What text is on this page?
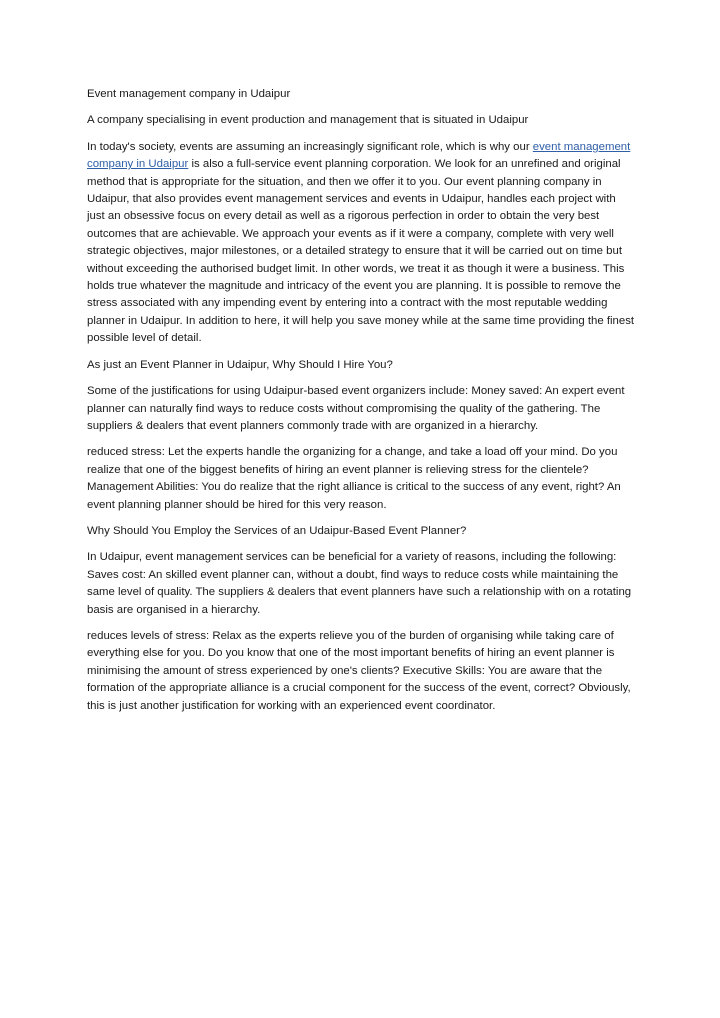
Event management company in Udaipur

A company specialising in event production and management that is situated in Udaipur

In today's society, events are assuming an increasingly significant role, which is why our event management company in Udaipur is also a full-service event planning corporation. We look for an unrefined and original method that is appropriate for the situation, and then we offer it to you. Our event planning company in Udaipur, that also provides event management services and events in Udaipur, handles each project with just an obsessive focus on every detail as well as a rigorous perfection in order to obtain the very best outcomes that are achievable. We approach your events as if it were a company, complete with very well strategic objectives, major milestones, or a detailed strategy to ensure that it will be carried out on time but without exceeding the authorised budget limit. In other words, we treat it as though it were a business. This holds true whatever the magnitude and intricacy of the event you are planning. It is possible to remove the stress associated with any impending event by entering into a contract with the most reputable wedding planner in Udaipur. In addition to here, it will help you save money while at the same time providing the finest possible level of detail.

As just an Event Planner in Udaipur, Why Should I Hire You?

Some of the justifications for using Udaipur-based event organizers include: Money saved: An expert event planner can naturally find ways to reduce costs without compromising the quality of the gathering. The suppliers & dealers that event planners commonly trade with are organized in a hierarchy.

reduced stress: Let the experts handle the organizing for a change, and take a load off your mind. Do you realize that one of the biggest benefits of hiring an event planner is relieving stress for the clientele? Management Abilities: You do realize that the right alliance is critical to the success of any event, right? An event planning planner should be hired for this very reason.

Why Should You Employ the Services of an Udaipur-Based Event Planner?

In Udaipur, event management services can be beneficial for a variety of reasons, including the following: Saves cost: An skilled event planner can, without a doubt, find ways to reduce costs while maintaining the same level of quality. The suppliers & dealers that event planners have such a relationship with on a rotating basis are organised in a hierarchy.

reduces levels of stress: Relax as the experts relieve you of the burden of organising while taking care of everything else for you. Do you know that one of the most important benefits of hiring an event planner is minimising the amount of stress experienced by one's clients? Executive Skills: You are aware that the formation of the appropriate alliance is a crucial component for the success of the event, correct? Obviously, this is just another justification for working with an experienced event coordinator.
